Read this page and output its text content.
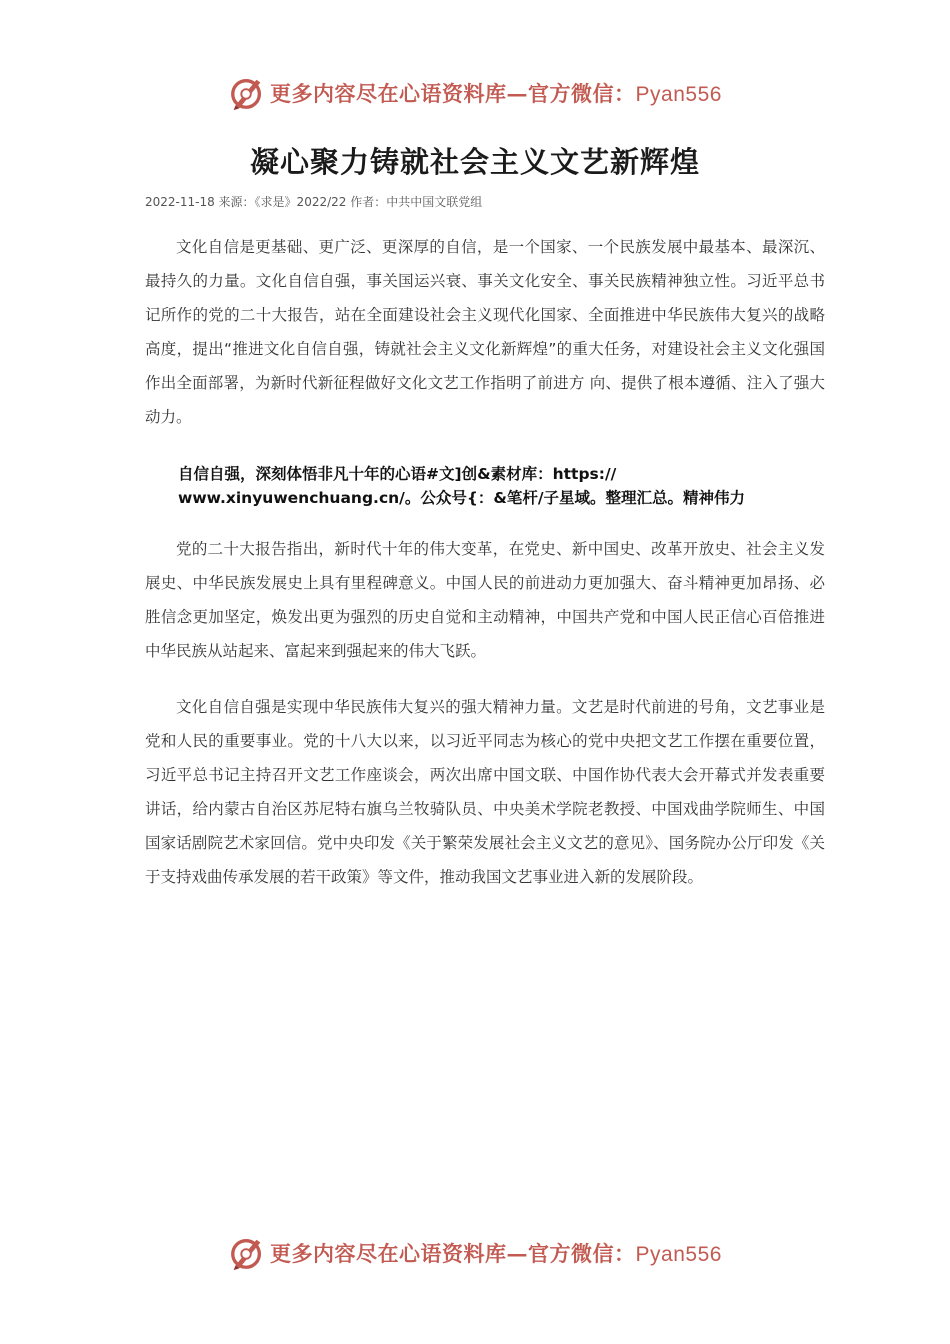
更多内容尽在心语资料库—官方微信：Pyan556
凝心聚力铸就社会主义文艺新辉煌
2022-11-18 来源：《求是》2022/22 作者：中共中国文联党组

文化自信是更基础、更广泛、更深厚的自信，是一个国家、一个民族发展中最基本、最深沉、最持久的力量。文化自信自强，事关国运兴衰、事关文化安全、事关民族精神独立性。习近平总书记所作的党的二十大报告，站在全面建设社会主义现代化国家、全面推进中华民族伟大复兴的战略高度，提出“推进文化自信自强，铸就社会主义文化新辉煌”的重大任务，对建设社会主义文化强国作出全面部署，为新时代新征程做好文化文艺工作指明了前进方 向、提供了根本遵循、注入了强大动力。

自信自强，深刻体悟非凡十年的心语#文]创&素材库：https://
www.xinyuwenchuang.cn/。公众号{：&笔杆/子星域。整理汇总。精神伟力

党的二十大报告指出，新时代十年的伟大变革，在党史、新中国史、改革开放史、社会主义发展史、中华民族发展史上具有里程碑意义。中国人民的前进动力更加强大、奋斗精神更加昂扬、必胜信念更加坚定，焕发出更为强烈的历史自觉和主动精神，中国共产党和中国人民正信心百倍推进中华民族从站起来、富起来到强起来的伟大飞跃。

文化自信自强是实现中华民族伟大复兴的强大精神力量。文艺是时代前进的号角，文艺事业是党和人民的重要事业。党的十八大以来，以习近平同志为核心的党中央把文艺工作摆在重要位置，习近平总书记主持召开文艺工作座谈会，两次出席中国文联、中国作协代表大会开幕式并发表重要讲话，给内蒙古自治区苏尼特右旗乌兰牧骑队员、中央美术学院老教授、中国戏曲学院师生、中国国家话剧院艺术家回信。党中央印发《关于繁荣发展社会主义文艺的意见》、国务院办公厅印发《关于支持戏曲传承发展的若干政策》等文件，推动我国文艺事业进入新的发展阶段。

更多内容尽在心语资料库—官方微信：Pyan556
